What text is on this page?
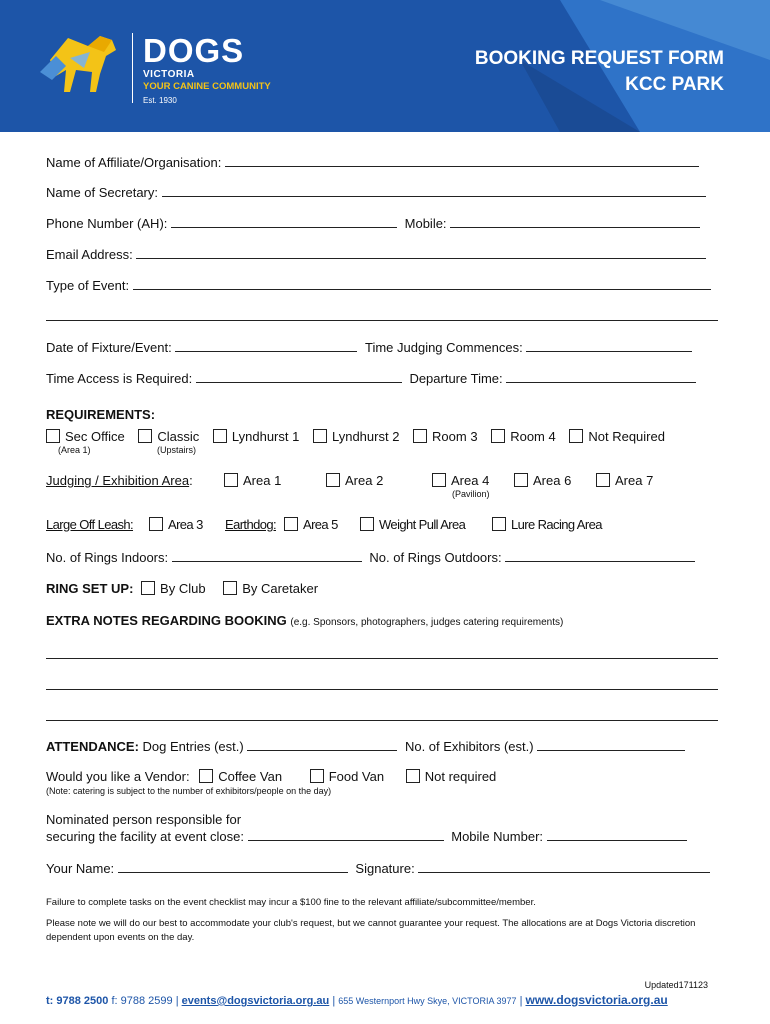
DOGS
VICTORIA
YOUR CANINE COMMUNITY
Est. 1930
BOOKING REQUEST FORM
KCC PARK
Name of Affiliate/Organisation:
Name of Secretary:
Phone Number (AH):	Mobile:
Email Address:
Type of Event:
Date of Fixture/Event:	Time Judging Commences:
Time Access is Required:	Departure Time:
REQUIREMENTS:
Sec Office	Classic	Lyndhurst 1	Lyndhurst 2	Room 3	Room 4	Not Required
(Area 1)	(Upstairs)
Judging / Exhibition Area:	Area 1	Area 2	Area 4	Area 6	Area 7
(Pavilion)
Large Off Leash:	Area 3 Earthdog:	Area 5	Weight Pull Area	Lure Racing Area
No. of Rings Indoors:	No. of Rings Outdoors:
RING SET UP: By Club	By Caretaker
EXTRA NOTES REGARDING BOOKING (e.g. Sponsors, photographers, judges catering requirements)
ATTENDANCE: Dog Entries (est.)	No. of Exhibitors (est.)
Would you like a Vendor: Coffee Van	Food Van	Not required
(Note: catering is subject to the number of exhibitors/people on the day)
Nominated person responsible for
securing the facility at event close:	Mobile Number:
Your Name:	Signature:
Failure to complete tasks on the event checklist may incur a $100 fine to the relevant affiliate/subcommittee/member.
Please note we will do our best to accommodate your club's request, but we cannot guarantee your request. The allocations are at Dogs Victoria discretion dependent upon events on the day.
Updated171123
t: 9788 2500 f: 9788 2599 | events@dogsvictoria.org.au | 655 Westernport Hwy Skye, VICTORIA 3977 | www.dogsvictoria.org.au
